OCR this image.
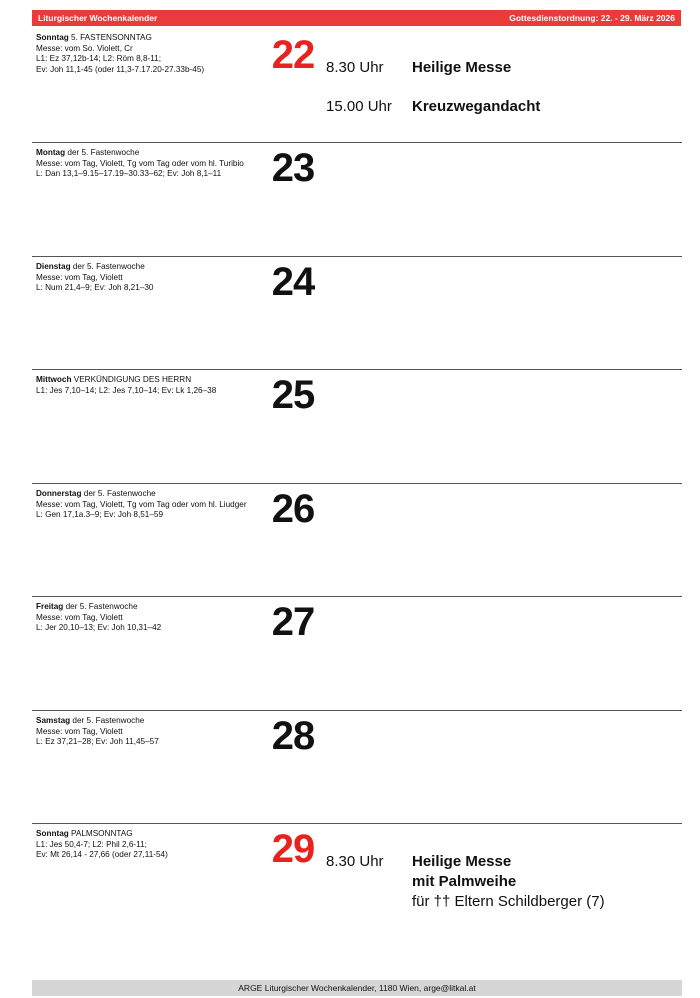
Liturgischer Wochenkalender	Gottesdienstordnung: 22. - 29. März 2026
Sonntag 5. FASTENSONNTAG
Messe: vom So. Violett, Cr
L1: Ez 37,12b-14; L2: Röm 8,8-11;
Ev: Joh 11,1-45 (oder 11,3-7.17.20-27.33b-45)	22 8.30 Uhr Heilige Messe
15.00 Uhr Kreuzwegandacht
Montag der 5. Fastenwoche
Messe: vom Tag, Violett, Tg vom Tag oder vom hl. Turibio
L: Dan 13,1–9.15–17.19–30.33–62; Ev: Joh 8,1–11	23
Dienstag der 5. Fastenwoche
Messe: vom Tag, Violett
L: Num 21,4–9; Ev: Joh 8,21–30	24
Mittwoch VERKÜNDIGUNG DES HERRN
L1: Jes 7,10–14; L2: Jes 7,10–14; Ev: Lk 1,26–38	25
Donnerstag der 5. Fastenwoche
Messe: vom Tag, Violett, Tg vom Tag oder vom hl. Liudger
L: Gen 17,1a.3–9; Ev: Joh 8,51–59	26
Freitag der 5. Fastenwoche
Messe: vom Tag, Violett
L: Jer 20,10–13; Ev: Joh 10,31–42	27
Samstag der 5. Fastenwoche
Messe: vom Tag, Violett
L: Ez 37,21–28; Ev: Joh 11,45–57	28
Sonntag PALMSONNTAG
L1: Jes 50,4-7; L2: Phil 2,6-11;
Ev: Mt 26,14 - 27,66 (oder 27,11-54)	29 8.30 Uhr Heilige Messe
mit Palmweihe
für †† Eltern Schildberger (7)
ARGE Liturgischer Wochenkalender, 1180 Wien, arge@litkal.at
